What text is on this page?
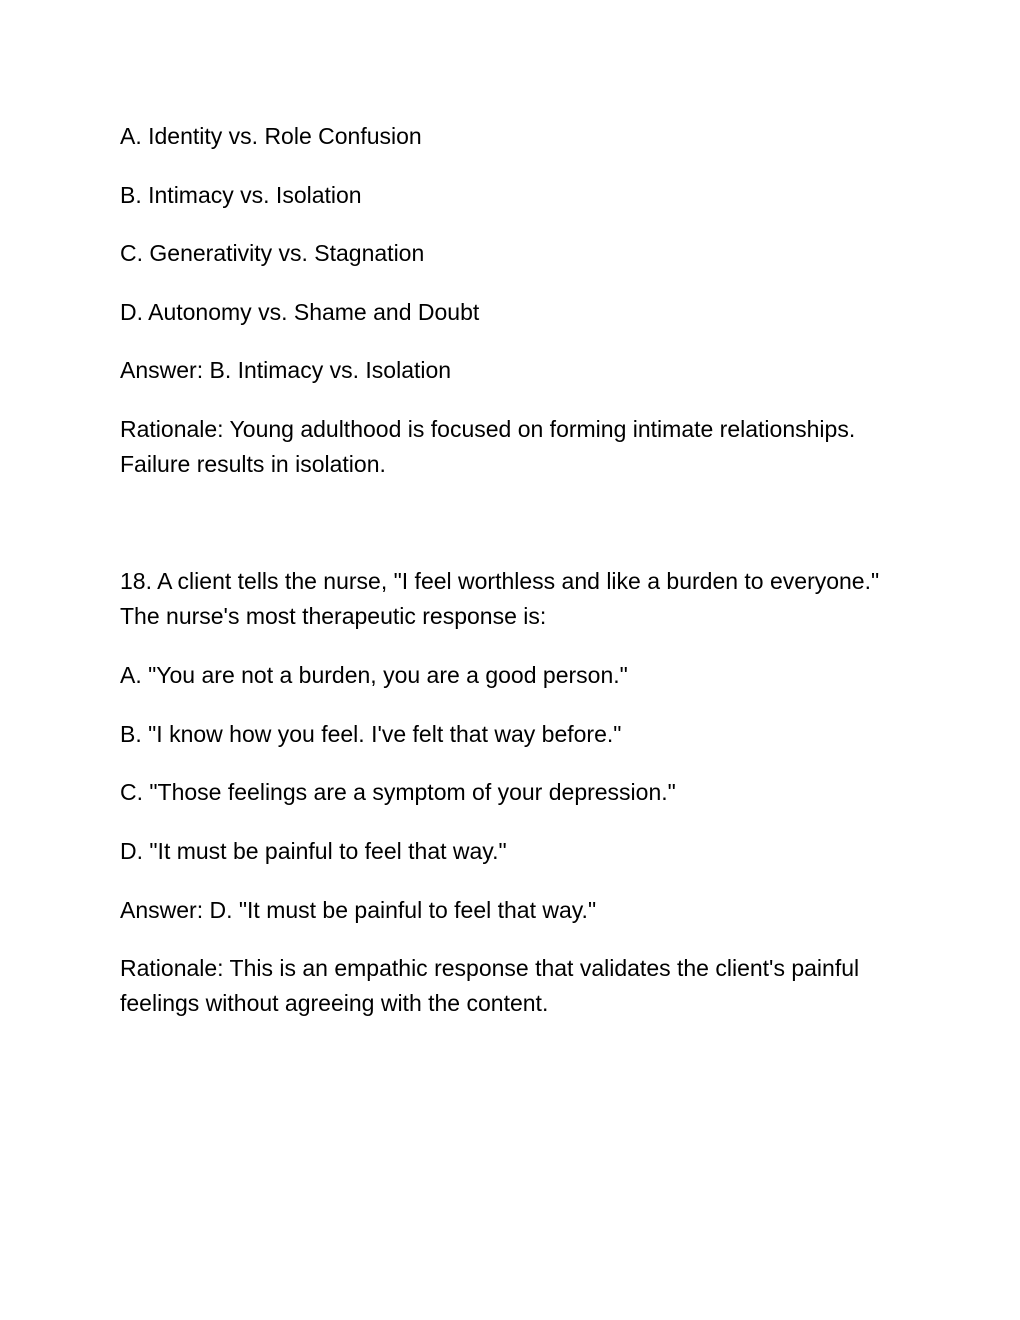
A. Identity vs. Role Confusion

B. Intimacy vs. Isolation

C. Generativity vs. Stagnation

D. Autonomy vs. Shame and Doubt

Answer: B. Intimacy vs. Isolation

Rationale: Young adulthood is focused on forming intimate relationships. Failure results in isolation.

18. A client tells the nurse, "I feel worthless and like a burden to everyone." The nurse's most therapeutic response is:

A. "You are not a burden, you are a good person."

B. "I know how you feel. I've felt that way before."

C. "Those feelings are a symptom of your depression."

D. "It must be painful to feel that way."

Answer: D. "It must be painful to feel that way."

Rationale: This is an empathic response that validates the client's painful feelings without agreeing with the content.
